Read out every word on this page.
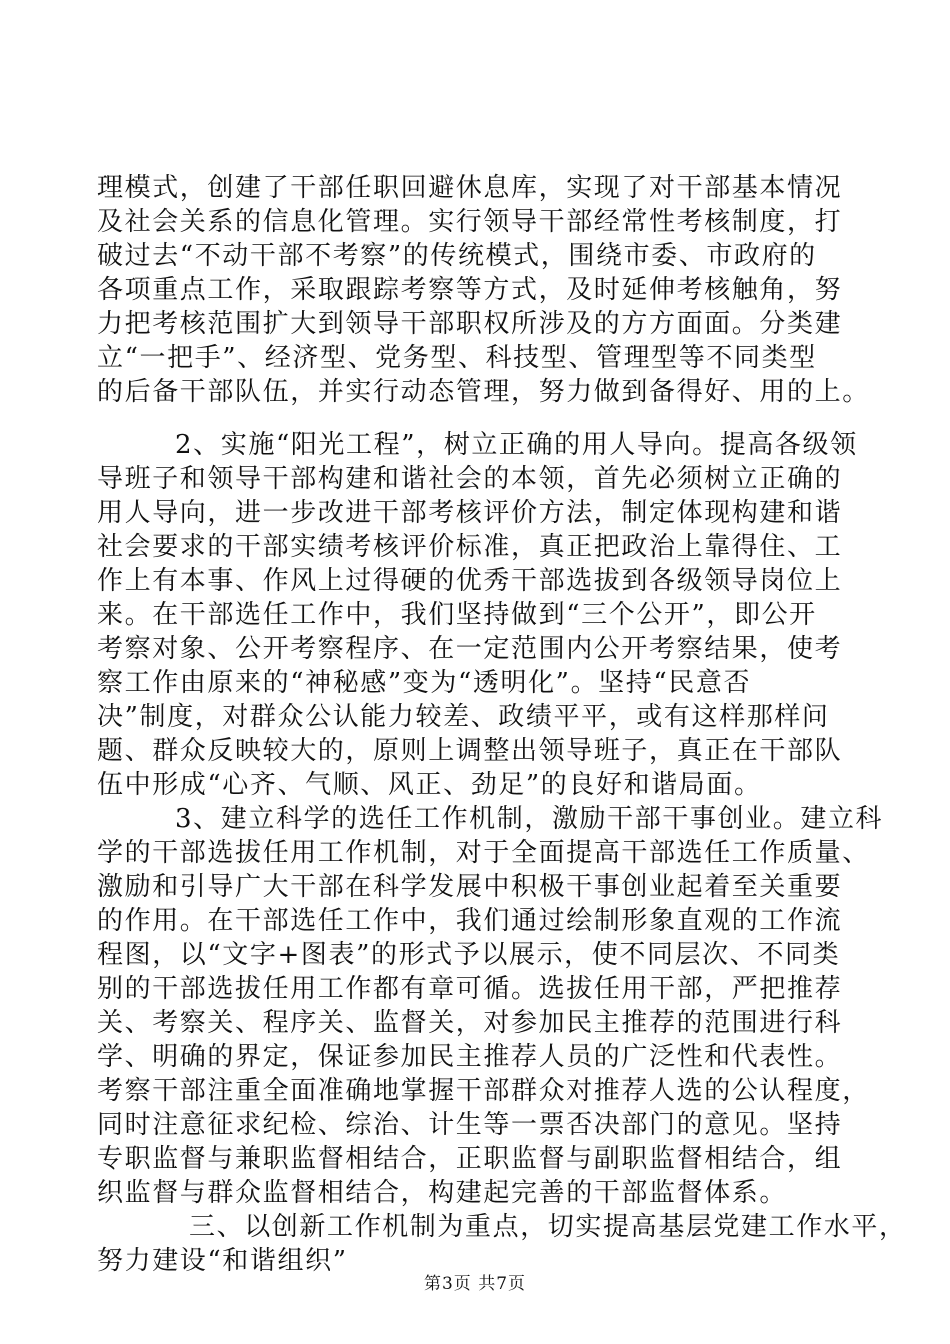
理模式，创建了干部任职回避休息库，实现了对干部基本情况
及社会关系的信息化管理。实行领导干部经常性考核制度，打
破过去“不动干部不考察”的传统模式，围绕市委、市政府的
各项重点工作，采取跟踪考察等方式，及时延伸考核触角，努
力把考核范围扩大到领导干部职权所涉及的方方面面。分类建
立“一把手”、经济型、党务型、科技型、管理型等不同类型
的后备干部队伍，并实行动态管理，努力做到备得好、用的上。
2、实施“阳光工程”，树立正确的用人导向。提高各级领
导班子和领导干部构建和谐社会的本领，首先必须树立正确的
用人导向，进一步改进干部考核评价方法，制定体现构建和谐
社会要求的干部实绩考核评价标准，真正把政治上靠得住、工
作上有本事、作风上过得硬的优秀干部选拔到各级领导岗位上
来。在干部选任工作中，我们坚持做到“三个公开”，即公开
考察对象、公开考察程序、在一定范围内公开考察结果，使考
察工作由原来的“神秘感”变为“透明化”。坚持“民意否
决”制度，对群众公认能力较差、政绩平平，或有这样那样问
题、群众反映较大的，原则上调整出领导班子，真正在干部队
伍中形成“心齐、气顺、风正、劲足”的良好和谐局面。
3、建立科学的选任工作机制，激励干部干事创业。建立科
学的干部选拔任用工作机制，对于全面提高干部选任工作质量、
激励和引导广大干部在科学发展中积极干事创业起着至关重要
的作用。在干部选任工作中，我们通过绘制形象直观的工作流
程图，以“文字+图表”的形式予以展示，使不同层次、不同类
别的干部选拔任用工作都有章可循。选拔任用干部，严把推荐
关、考察关、程序关、监督关，对参加民主推荐的范围进行科
学、明确的界定，保证参加民主推荐人员的广泛性和代表性。
考察干部注重全面准确地掌握干部群众对推荐人选的公认程度，
同时注意征求纪检、综治、计生等一票否决部门的意见。坚持
专职监督与兼职监督相结合，正职监督与副职监督相结合，组
织监督与群众监督相结合，构建起完善的干部监督体系。
三、以创新工作机制为重点，切实提高基层党建工作水平，
努力建设“和谐组织”
第3页 共7页
